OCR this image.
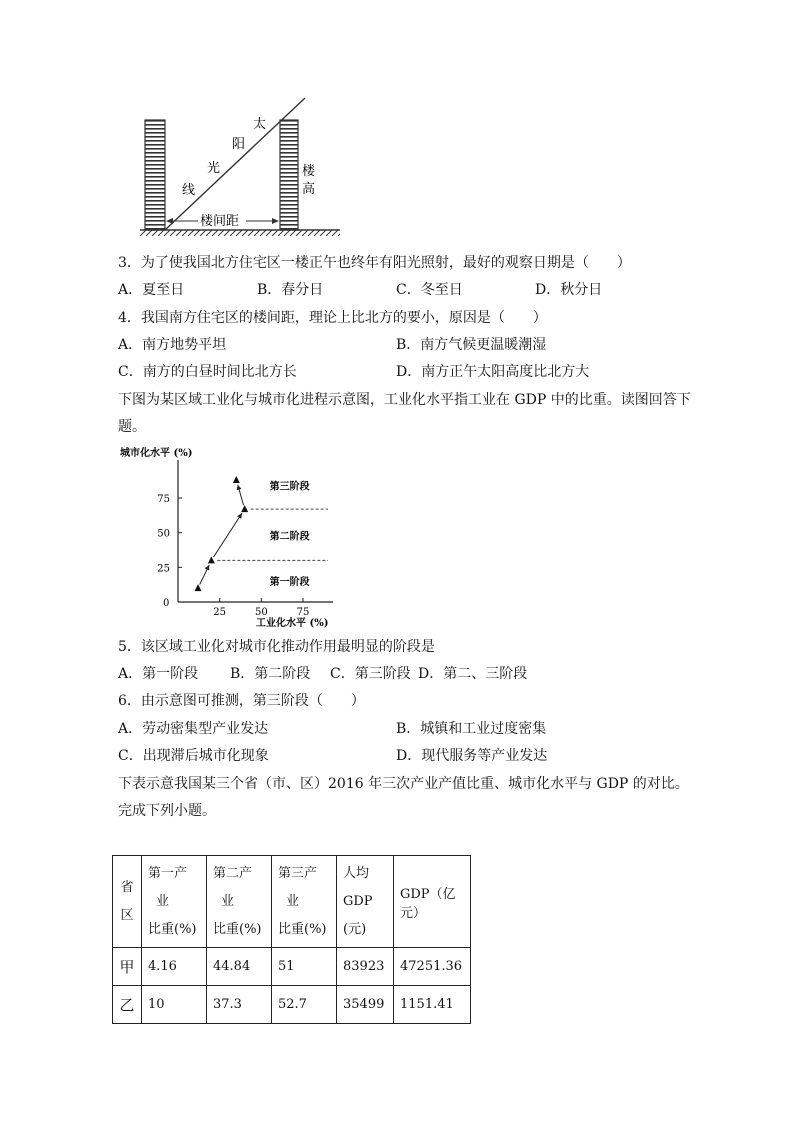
太
阳
光
线
楼
高
楼间距
3．为了使我国北方住宅区一楼正午也终年有阳光照射，最好的观察日期是（　　）
A．夏至日	B．春分日	C．冬至日	D．秋分日
4．我国南方住宅区的楼间距，理论上比北方的要小，原因是（　　）
A．南方地势平坦	B．南方气候更温暖潮湿
C．南方的白昼时间比北方长	D．南方正午太阳高度比北方大
下图为某区域工业化与城市化进程示意图，工业化水平指工业在 GDP 中的比重。读图回答下
题。
城市化水平 (%)
工业化水平 (%)
0
25	50	75
25
50
75
第一阶段
第二阶段
第三阶段
5．该区域工业化对城市化推动作用最明显的阶段是
A．第一阶段 B．第二阶段 C．第三阶段 D．第二、三阶段
6．由示意图可推测，第三阶段（　　）
A．劳动密集型产业发达	B．城镇和工业过度密集
C．出现滞后城市化现象	D．现代服务等产业发达
下表示意我国某三个省（市、区）2016 年三次产业产值比重、城市化水平与 GDP 的对比。
完成下列小题。
省
区	第一产
业
比重(%)	第二产
业
比重(%)	第三产
业
比重(%)	人均
GDP
(元)	GDP（亿元）
甲	4.16	44.84	51	83923	47251.36
乙	10	37.3	52.7	35499	1151.41
